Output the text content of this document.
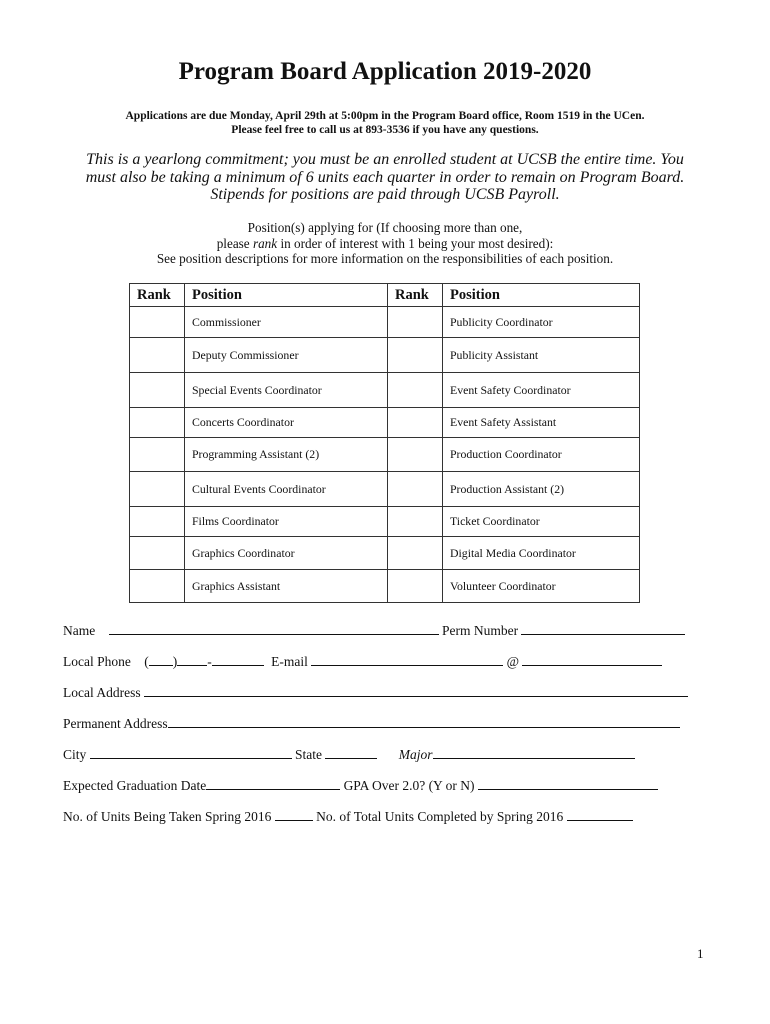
Program Board Application 2019-2020
Applications are due Monday, April 29th at 5:00pm in the Program Board office, Room 1519 in the UCen.
Please feel free to call us at 893-3536 if you have any questions.
This is a yearlong commitment; you must be an enrolled student at UCSB the entire time. You
must also be taking a minimum of 6 units each quarter in order to remain on Program Board.
Stipends for positions are paid through UCSB Payroll.
Position(s) applying for (If choosing more than one,
please rank in order of interest with 1 being your most desired):
See position descriptions for more information on the responsibilities of each position.
Rank	Position	Rank	Position
	Commissioner		Publicity Coordinator
	Deputy Commissioner		Publicity Assistant
	Special Events Coordinator		Event Safety Coordinator
	Concerts Coordinator		Event Safety Assistant
	Programming Assistant (2)		Production Coordinator
	Cultural Events Coordinator		Production Assistant (2)
	Films Coordinator		Ticket Coordinator
	Graphics Coordinator		Digital Media Coordinator
	Graphics Assistant		Volunteer Coordinator
Name	Perm Number
Local Phone ( ) -	E-mail	@
Local Address
Permanent Address
City	State	Major
Expected Graduation Date	GPA Over 2.0? (Y or N)
No. of Units Being Taken Spring 2016	No. of Total Units Completed by Spring 2016
1
